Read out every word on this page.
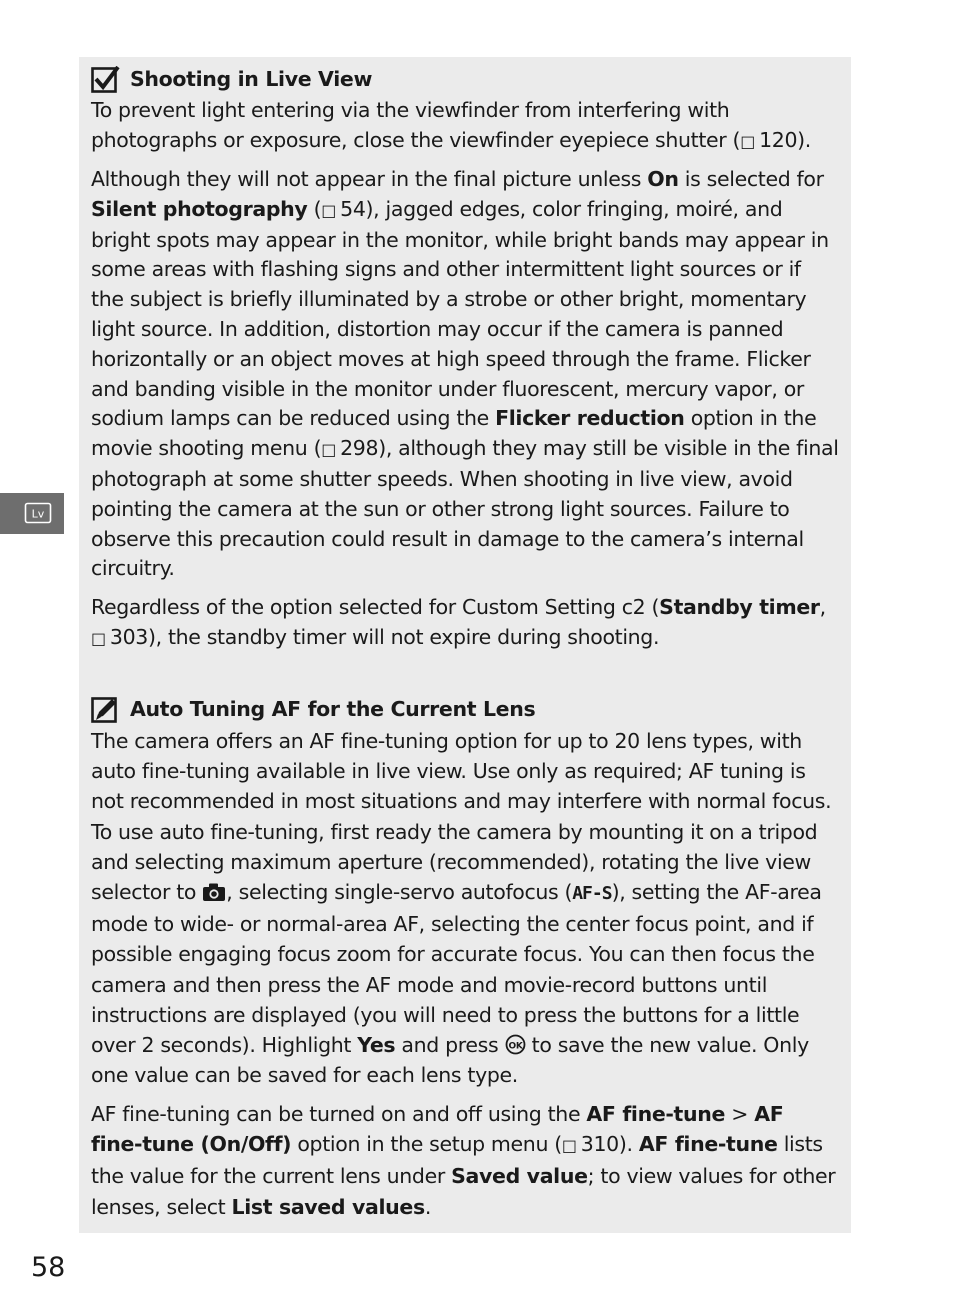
Lv
Shooting in Live View

To prevent light entering via the viewfinder from interfering with photographs or exposure, close the viewfinder eyepiece shutter (□  120).

Although they will not appear in the final picture unless On is selected for Silent photography (□  54), jagged edges, color fringing, moiré, and bright spots may appear in the monitor, while bright bands may appear in some areas with flashing signs and other intermittent light sources or if the subject is briefly illuminated by a strobe or other bright, momentary light source. In addition, distortion may occur if the camera is panned horizontally or an object moves at high speed through the frame. Flicker and banding visible in the monitor under fluorescent, mercury vapor, or sodium lamps can be reduced using the Flicker reduction option in the movie shooting menu (□  298), although they may still be visible in the final photograph at some shutter speeds. When shooting in live view, avoid pointing the camera at the sun or other strong light sources. Failure to observe this precaution could result in damage to the camera’s internal circuitry.

Regardless of the option selected for Custom Setting c2 (Standby timer, □  303), the standby timer will not expire during shooting.

Auto Tuning AF for the Current Lens

The camera offers an AF fine-tuning option for up to 20 lens types, with auto fine-tuning available in live view. Use only as required; AF tuning is not recommended in most situations and may interfere with normal focus. To use auto fine-tuning, first ready the camera by mounting it on a tripod and selecting maximum aperture (recommended), rotating the live view selector to , selecting single-servo autofocus (AF-S), setting the AF-area mode to wide- or normal-area AF, selecting the center focus point, and if possible engaging focus zoom for accurate focus. You can then focus the camera and then press the AF mode and movie-record buttons until instructions are displayed (you will need to press the buttons for a little over 2 seconds). Highlight Yes and press OK to save the new value. Only one value can be saved for each lens type.

AF fine-tuning can be turned on and off using the AF fine-tune > AF fine-tune (On/Off) option in the setup menu (□  310). AF fine-tune lists the value for the current lens under Saved value; to view values for other lenses, select List saved values.

58
